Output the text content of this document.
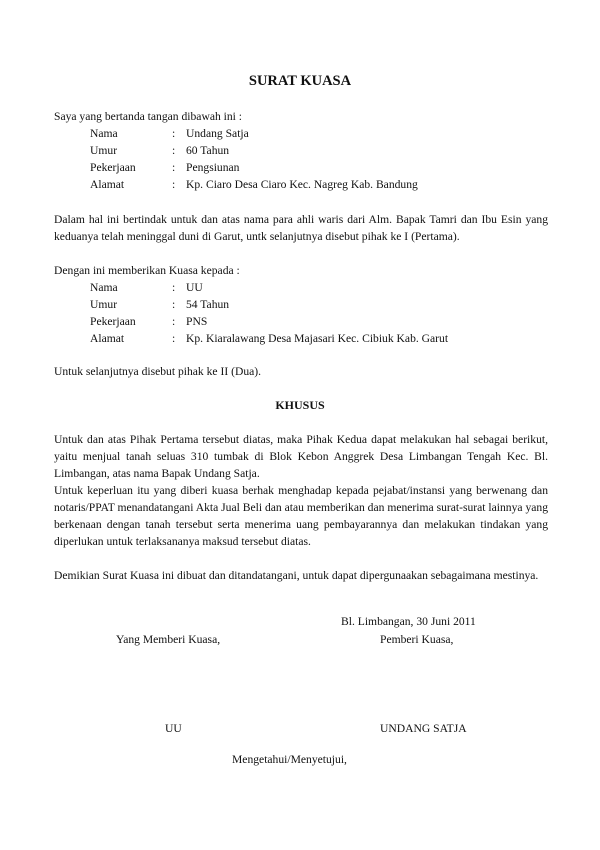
SURAT KUASA
Saya yang bertanda tangan dibawah ini :
Nama	:	Undang Satja
Umur	:	60 Tahun
Pekerjaan	:	Pengsiunan
Alamat	:	Kp. Ciaro Desa Ciaro Kec. Nagreg Kab. Bandung

Dalam hal ini bertindak untuk dan atas nama para ahli waris dari Alm. Bapak Tamri dan Ibu Esin yang keduanya telah meninggal duni di Garut, untk selanjutnya disebut pihak ke I (Pertama).

Dengan ini memberikan Kuasa kepada :
Nama	:	UU
Umur	:	54 Tahun
Pekerjaan	:	PNS
Alamat	:	Kp. Kiaralawang Desa Majasari Kec. Cibiuk Kab. Garut
Untuk selanjutnya disebut pihak ke II (Dua).
KHUSUS

Untuk dan atas Pihak Pertama tersebut diatas, maka Pihak Kedua dapat melakukan hal sebagai berikut, yaitu menjual tanah seluas 310 tumbak di Blok Kebon Anggrek Desa Limbangan Tengah Kec. Bl. Limbangan, atas nama Bapak Undang Satja.

Untuk keperluan itu yang diberi kuasa berhak menghadap kepada pejabat/instansi yang berwenang dan notaris/PPAT menandatangani Akta Jual Beli dan atau memberikan dan menerima surat-surat lainnya yang berkenaan dengan tanah tersebut serta menerima uang pembayarannya dan melakukan tindakan yang diperlukan untuk terlaksananya maksud tersebut diatas.

Demikian Surat Kuasa ini dibuat dan ditandatangani, untuk dapat dipergunaakan sebagaimana mestinya.

Bl. Limbangan, 30 Juni 2011
Yang Memberi Kuasa,	Pemberi Kuasa,
UU	UNDANG SATJA
Mengetahui/Menyetujui,
